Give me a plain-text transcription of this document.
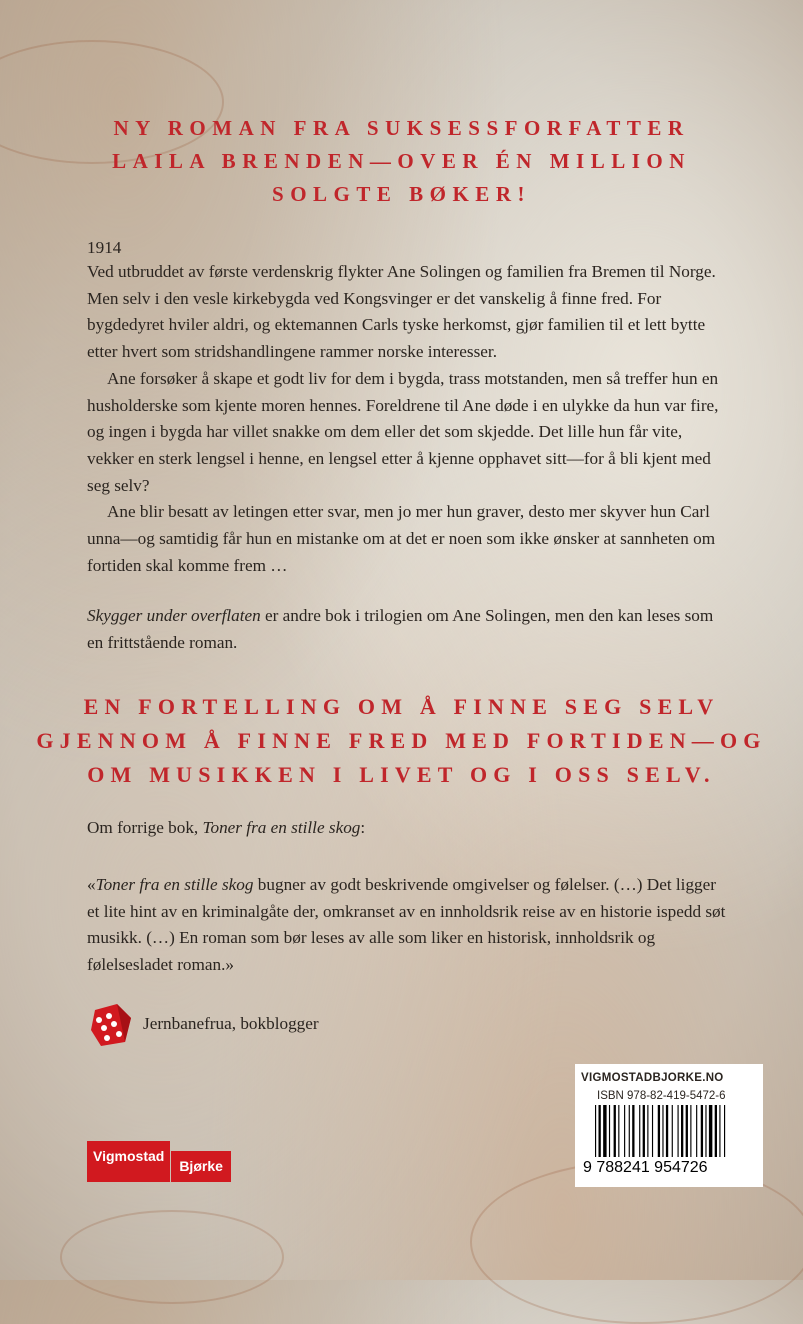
NY ROMAN FRA SUKSESSFORFATTER
LAILA BRENDEN—OVER ÉN MILLION
SOLGTE BØKER!
1914

Ved utbruddet av første verdenskrig flykter Ane Solingen og familien fra Bremen til Norge. Men selv i den vesle kirkebygda ved Kongsvinger er det vanskelig å finne fred. For bygdedyret hviler aldri, og ektemannen Carls tyske herkomst, gjør familien til et lett bytte etter hvert som stridshandlingene rammer norske interesser.

Ane forsøker å skape et godt liv for dem i bygda, trass motstanden, men så treffer hun en husholderske som kjente moren hennes. Foreldrene til Ane døde i en ulykke da hun var fire, og ingen i bygda har villet snakke om dem eller det som skjedde. Det lille hun får vite, vekker en sterk lengsel i henne, en lengsel etter å kjenne opphavet sitt—for å bli kjent med seg selv?

Ane blir besatt av letingen etter svar, men jo mer hun graver, desto mer skyver hun Carl unna—og samtidig får hun en mistanke om at det er noen som ikke ønsker at sannheten om fortiden skal komme frem …

Skygger under overflaten er andre bok i trilogien om Ane Solingen, men den kan leses som en frittstående roman.

EN FORTELLING OM Å FINNE SEG SELV
GJENNOM Å FINNE FRED MED FORTIDEN—OG
OM MUSIKKEN I LIVET OG I OSS SELV.

Om forrige bok, Toner fra en stille skog:

«Toner fra en stille skog bugner av godt beskrivende omgivelser og følelser. (…) Det ligger et lite hint av en kriminalgåte der, omkranset av en innholdsrik reise av en historie ispedd søt musikk. (…) En roman som bør leses av alle som liker en historisk, innholdsrik og følelsesladet roman.»

Jernbanefrua, bokblogger
VIGMOSTADBJORKE.NO
ISBN 978-82-419-5472-6
9 788241 954726
Vigmostad
Bjørke
